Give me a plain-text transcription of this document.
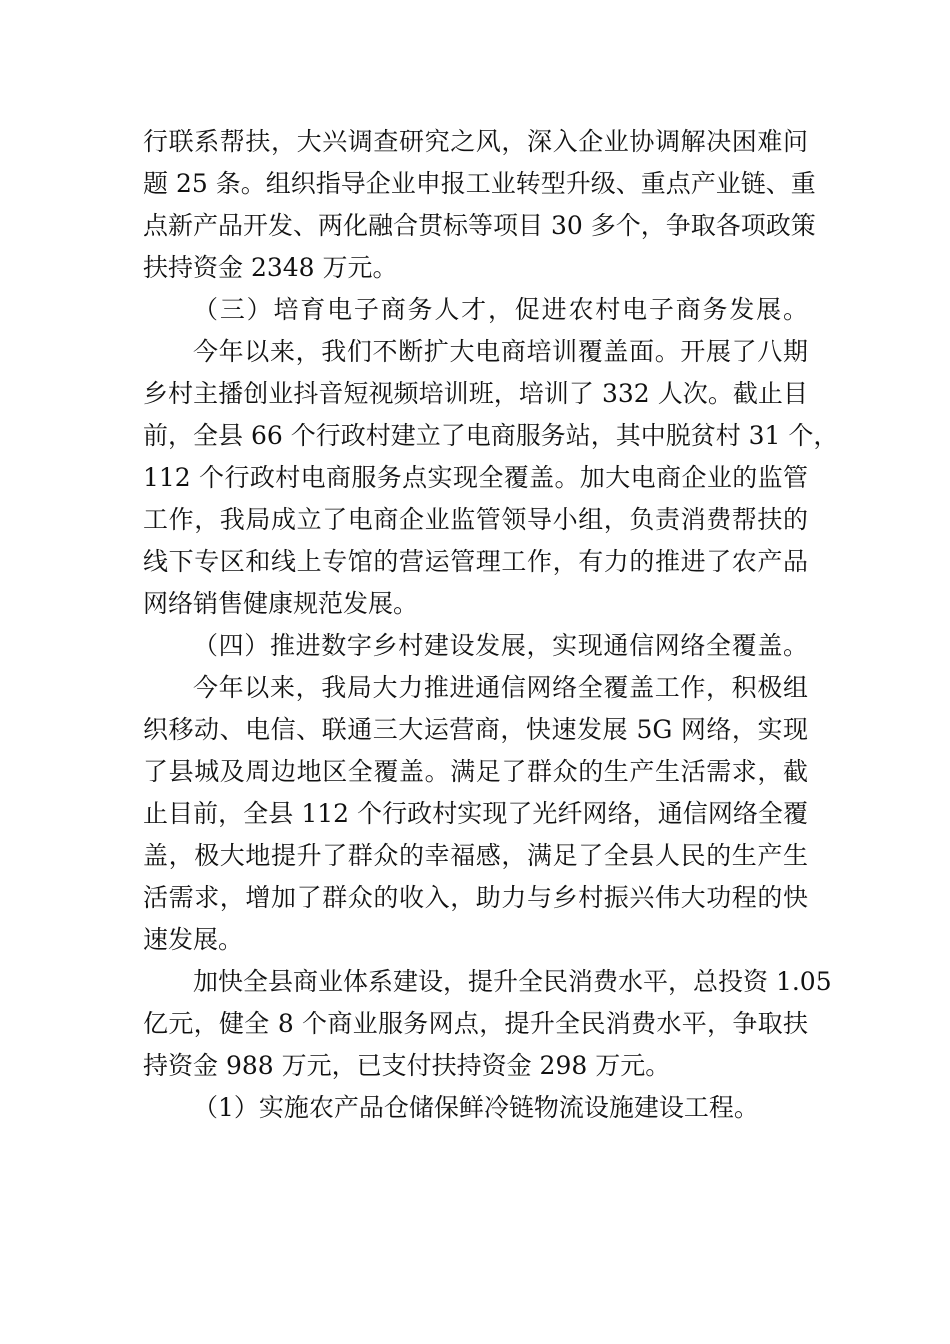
行联系帮扶，大兴调查研究之风，深入企业协调解决困难问
题 25 条。组织指导企业申报工业转型升级、重点产业链、重
点新产品开发、两化融合贯标等项目 30 多个，争取各项政策
扶持资金 2348 万元。
（三）培育电子商务人才，促进农村电子商务发展。
今年以来，我们不断扩大电商培训覆盖面。开展了八期
乡村主播创业抖音短视频培训班，培训了 332 人次。截止目
前，全县 66 个行政村建立了电商服务站，其中脱贫村 31 个，
112 个行政村电商服务点实现全覆盖。加大电商企业的监管
工作，我局成立了电商企业监管领导小组，负责消费帮扶的
线下专区和线上专馆的营运管理工作，有力的推进了农产品
网络销售健康规范发展。
（四）推进数字乡村建设发展，实现通信网络全覆盖。
今年以来，我局大力推进通信网络全覆盖工作，积极组
织移动、电信、联通三大运营商，快速发展 5G 网络，实现
了县城及周边地区全覆盖。满足了群众的生产生活需求，截
止目前，全县 112 个行政村实现了光纤网络，通信网络全覆
盖，极大地提升了群众的幸福感，满足了全县人民的生产生
活需求，增加了群众的收入，助力与乡村振兴伟大功程的快
速发展。
加快全县商业体系建设，提升全民消费水平，总投资 1.05
亿元，健全 8 个商业服务网点，提升全民消费水平，争取扶
持资金 988 万元，已支付扶持资金 298 万元。
（1）实施农产品仓储保鲜冷链物流设施建设工程。
